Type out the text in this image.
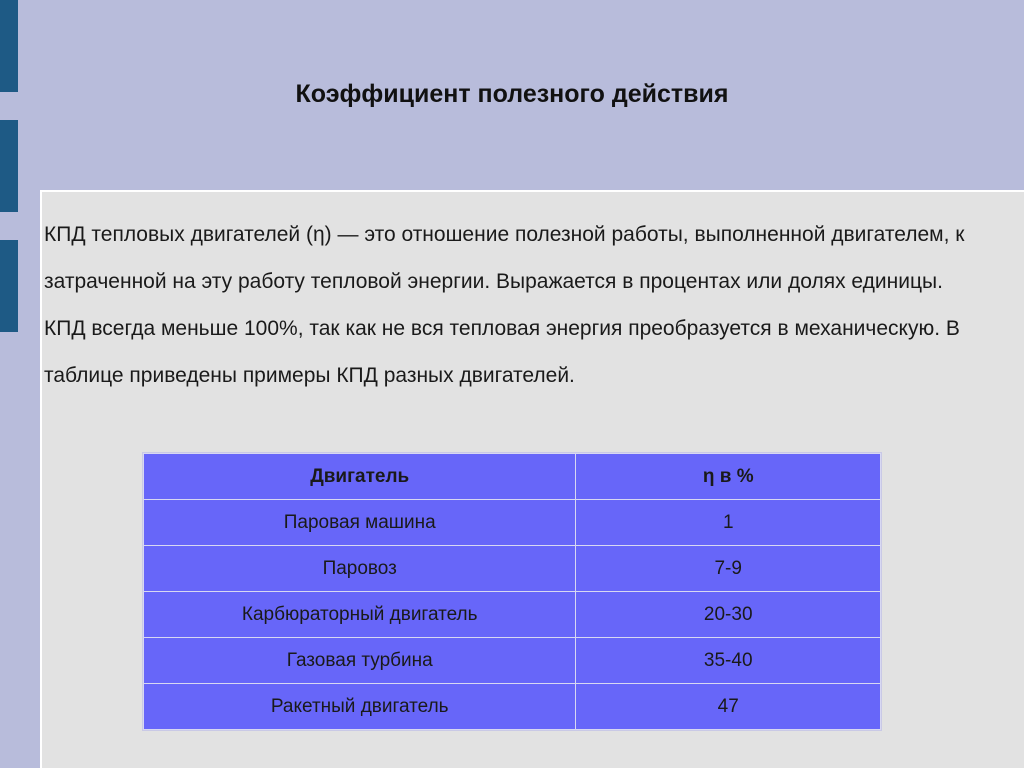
Коэффициент полезного действия
КПД тепловых двигателей (η) — это отношение полезной работы, выполненной двигателем, к затраченной на эту работу тепловой энергии. Выражается в процентах или долях единицы. КПД всегда меньше 100%, так как не вся тепловая энергия преобразуется в механическую. В таблице приведены примеры КПД разных двигателей.
Двигатель	η в %
Паровая машина	1
Паровоз	7-9
Карбюраторный двигатель	20-30
Газовая турбина	35-40
Ракетный двигатель	47
